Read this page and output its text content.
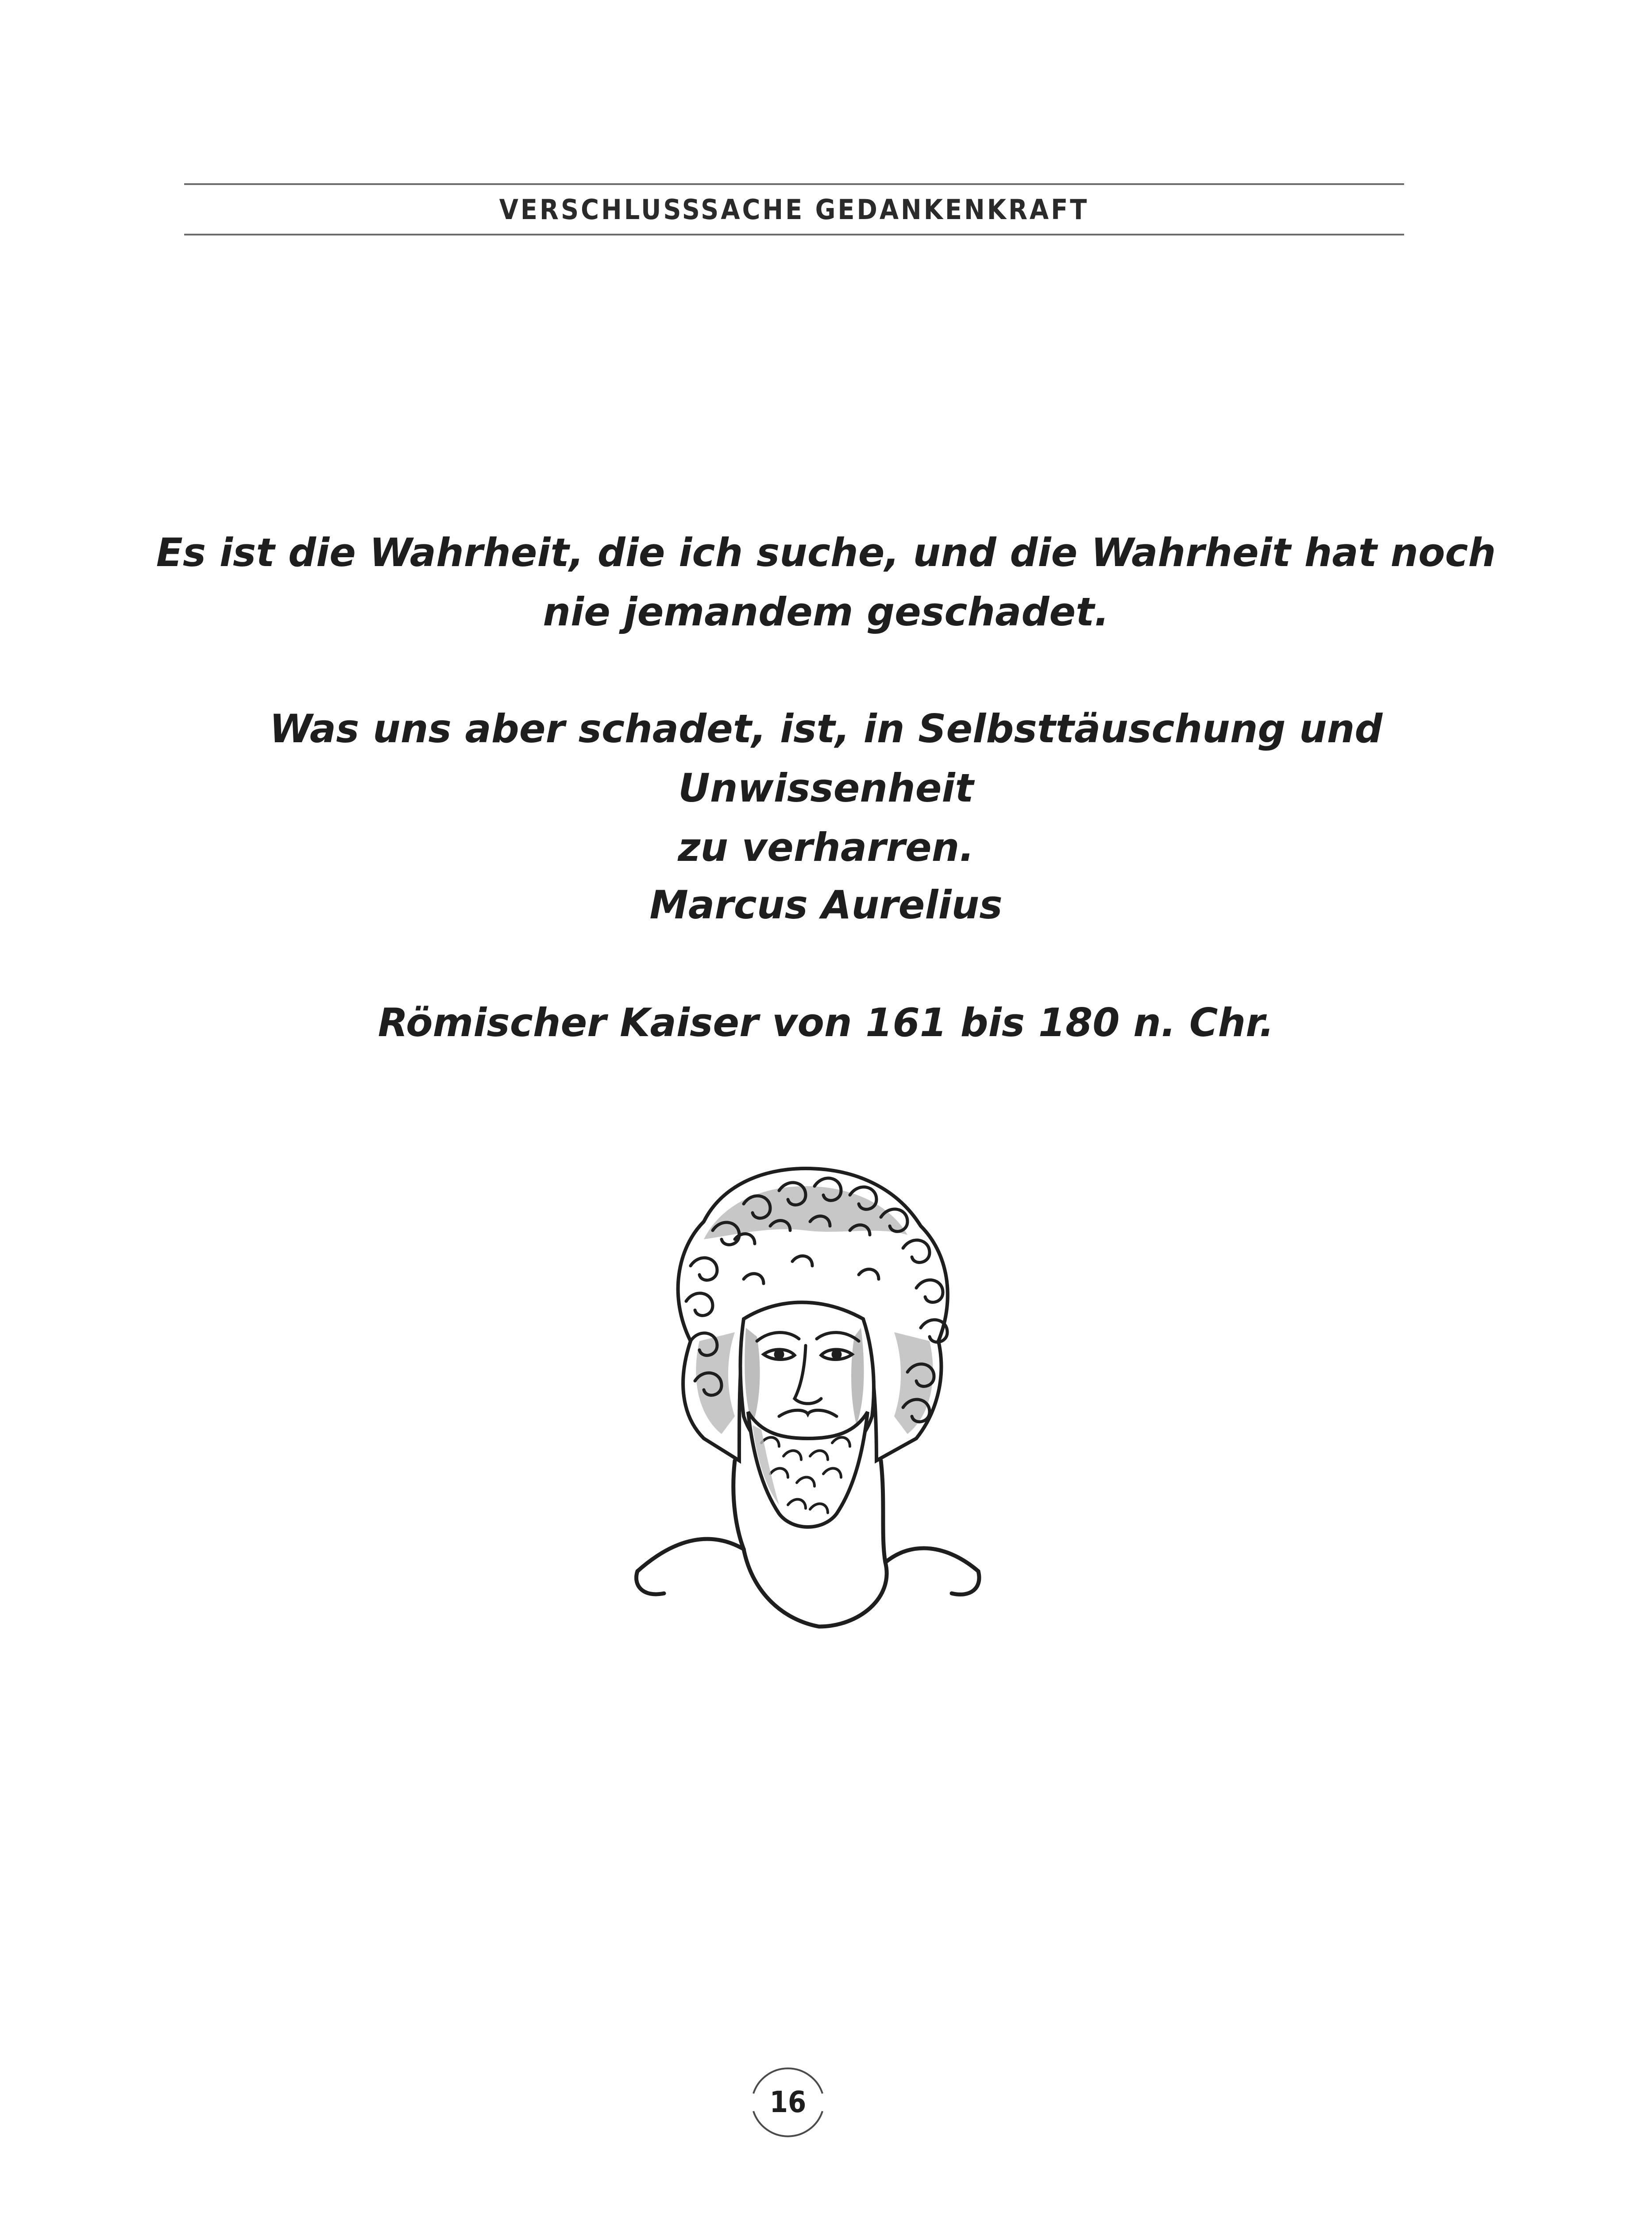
VERSCHLUSSSACHE GEDANKENKRAFT

Es ist die Wahrheit, die ich suche, und die Wahrheit hat noch

nie jemandem geschadet.

Was uns aber schadet, ist, in Selbsttäuschung und Unwissenheit

zu verharren.

Marcus Aurelius

Römischer Kaiser von 161 bis 180 n. Chr.

16
